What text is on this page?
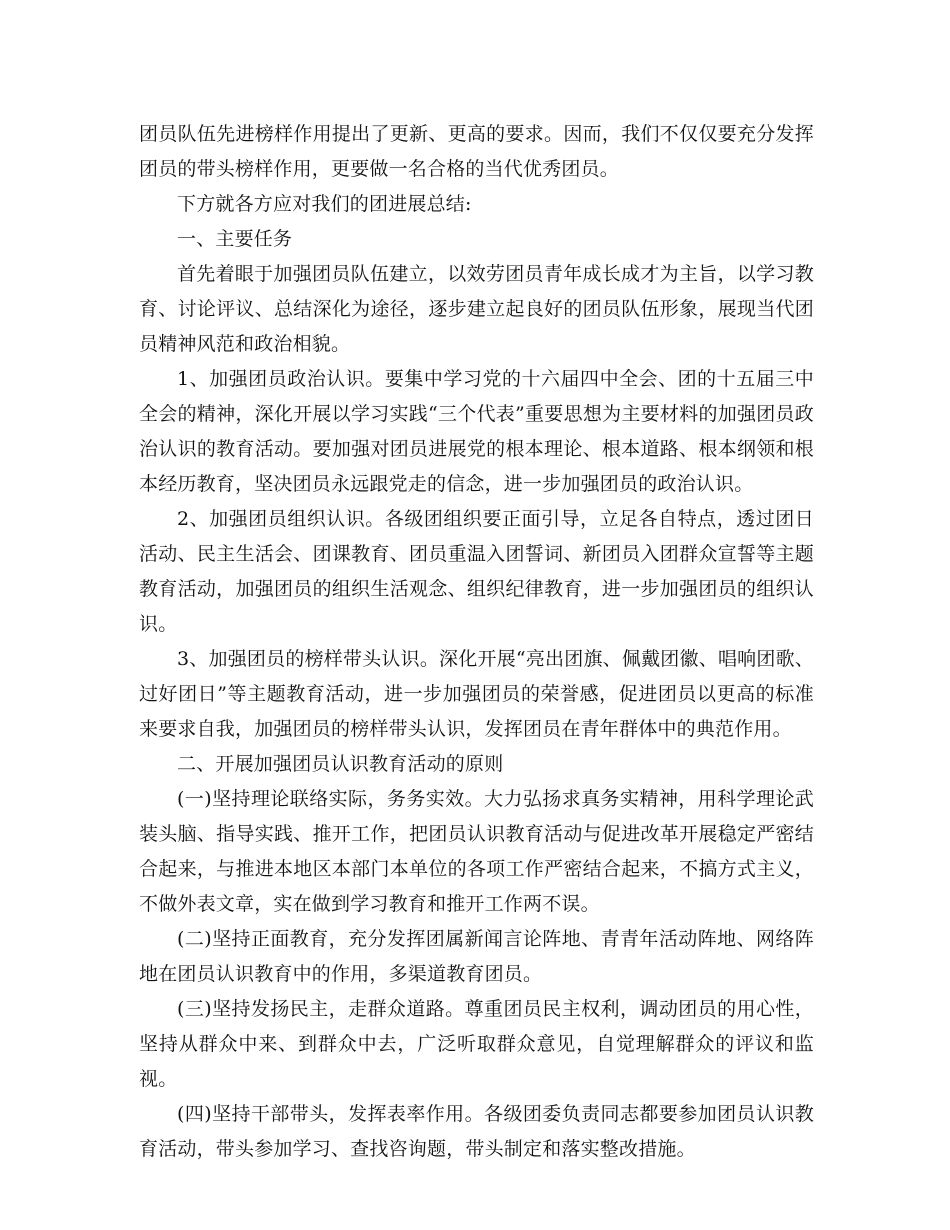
团员队伍先进榜样作用提出了更新、更高的要求。因而，我们不仅仅要充分发挥团员的带头榜样作用，更要做一名合格的当代优秀团员。

下方就各方应对我们的团进展总结:

一、主要任务

首先着眼于加强团员队伍建立，以效劳团员青年成长成才为主旨，以学习教育、讨论评议、总结深化为途径，逐步建立起良好的团员队伍形象，展现当代团员精神风范和政治相貌。

1、加强团员政治认识。要集中学习党的十六届四中全会、团的十五届三中全会的精神，深化开展以学习实践“三个代表”重要思想为主要材料的加强团员政治认识的教育活动。要加强对团员进展党的根本理论、根本道路、根本纲领和根本经历教育，坚决团员永远跟党走的信念，进一步加强团员的政治认识。

2、加强团员组织认识。各级团组织要正面引导，立足各自特点，透过团日活动、民主生活会、团课教育、团员重温入团誓词、新团员入团群众宣誓等主题教育活动，加强团员的组织生活观念、组织纪律教育，进一步加强团员的组织认识。

3、加强团员的榜样带头认识。深化开展“亮出团旗、佩戴团徽、唱响团歌、过好团日”等主题教育活动，进一步加强团员的荣誉感，促进团员以更高的标准来要求自我，加强团员的榜样带头认识，发挥团员在青年群体中的典范作用。

二、开展加强团员认识教育活动的原则

(一)坚持理论联络实际，务务实效。大力弘扬求真务实精神，用科学理论武装头脑、指导实践、推开工作，把团员认识教育活动与促进改革开展稳定严密结合起来，与推进本地区本部门本单位的各项工作严密结合起来，不搞方式主义，不做外表文章，实在做到学习教育和推开工作两不误。

(二)坚持正面教育，充分发挥团属新闻言论阵地、青青年活动阵地、网络阵地在团员认识教育中的作用，多渠道教育团员。

(三)坚持发扬民主，走群众道路。尊重团员民主权利，调动团员的用心性，坚持从群众中来、到群众中去，广泛听取群众意见，自觉理解群众的评议和监视。

(四)坚持干部带头，发挥表率作用。各级团委负责同志都要参加团员认识教育活动，带头参加学习、查找咨询题，带头制定和落实整改措施。
